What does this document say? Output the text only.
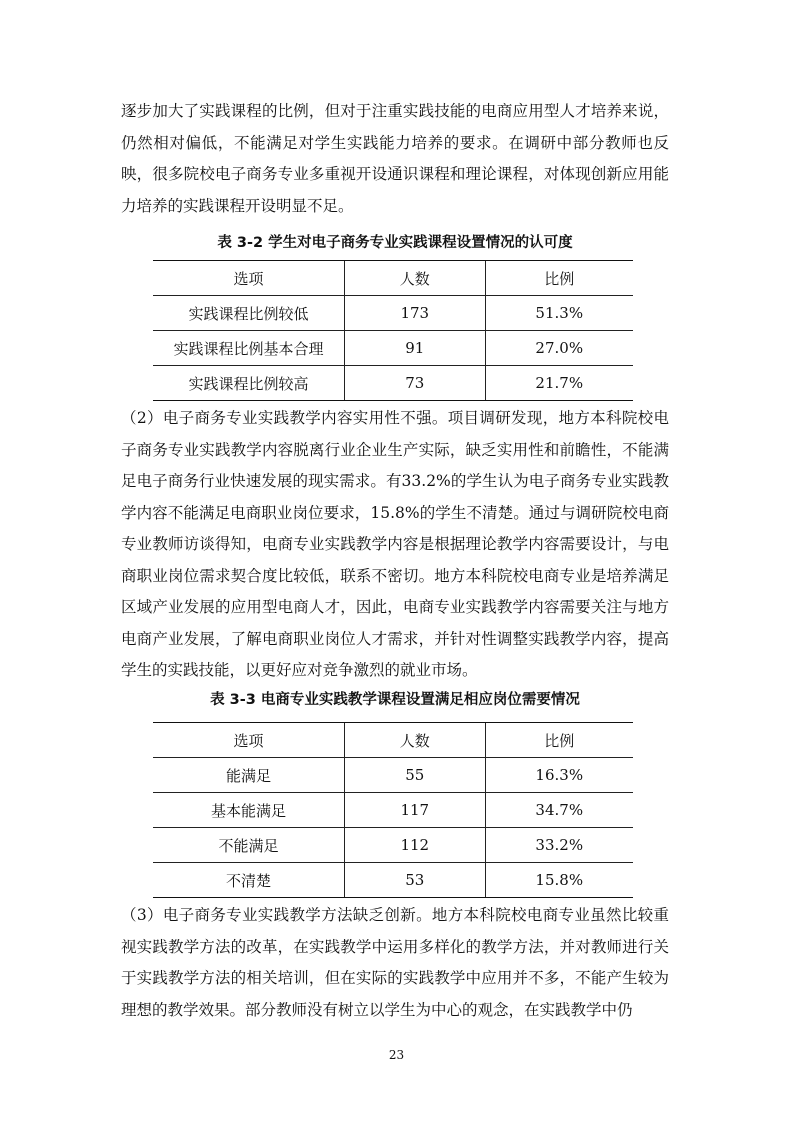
逐步加大了实践课程的比例，但对于注重实践技能的电商应用型人才培养来说，仍然相对偏低，不能满足对学生实践能力培养的要求。在调研中部分教师也反映，很多院校电子商务专业多重视开设通识课程和理论课程，对体现创新应用能力培养的实践课程开设明显不足。

表 3-2 学生对电子商务专业实践课程设置情况的认可度

选项	人数	比例
实践课程比例较低	173	51.3%
实践课程比例基本合理	91	27.0%
实践课程比例较高	73	21.7%

（2）电子商务专业实践教学内容实用性不强。项目调研发现，地方本科院校电子商务专业实践教学内容脱离行业企业生产实际，缺乏实用性和前瞻性，不能满足电子商务行业快速发展的现实需求。有33.2%的学生认为电子商务专业实践教学内容不能满足电商职业岗位要求，15.8%的学生不清楚。通过与调研院校电商专业教师访谈得知，电商专业实践教学内容是根据理论教学内容需要设计，与电商职业岗位需求契合度比较低，联系不密切。地方本科院校电商专业是培养满足区域产业发展的应用型电商人才，因此，电商专业实践教学内容需要关注与地方电商产业发展，了解电商职业岗位人才需求，并针对性调整实践教学内容，提高学生的实践技能，以更好应对竞争激烈的就业市场。

表 3-3 电商专业实践教学课程设置满足相应岗位需要情况

选项	人数	比例
能满足	55	16.3%
基本能满足	117	34.7%
不能满足	112	33.2%
不清楚	53	15.8%

（3）电子商务专业实践教学方法缺乏创新。地方本科院校电商专业虽然比较重视实践教学方法的改革，在实践教学中运用多样化的教学方法，并对教师进行关于实践教学方法的相关培训，但在实际的实践教学中应用并不多，不能产生较为理想的教学效果。部分教师没有树立以学生为中心的观念，在实践教学中仍

23
